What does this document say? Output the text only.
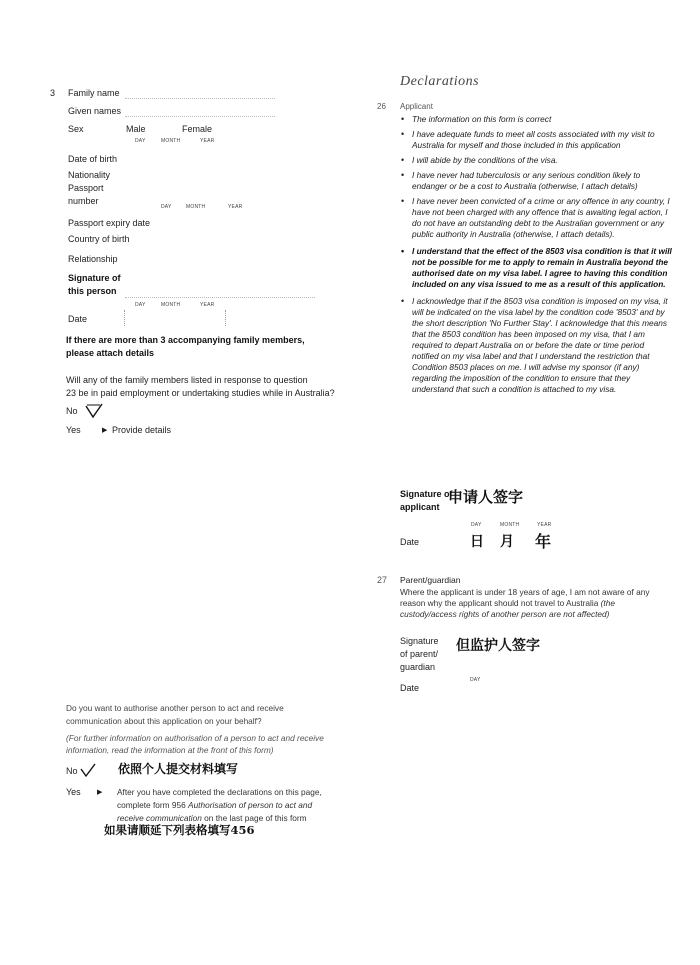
3 Family name
Given names
Sex	Male	Female
DAY	MONTH	YEAR
Date of birth
Nationality
Passport
number
DAY	MONTH	YEAR
Passport expiry date
Country of birth
Relationship
Signature of
this person
DAY	MONTH	YEAR
Date
If there are more than 3 accompanying family members,
please attach details
Will any of the family members listed in response to question
23 be in paid employment or undertaking studies while in Australia?
No
Yes	▶ Provide details
Declarations
26 Applicant
• The information on this form is correct
• I have adequate funds to meet all costs associated with my visit to Australia for myself and those included in this application
• I will abide by the conditions of the visa.
• I have never had tuberculosis or any serious condition likely to endanger or be a cost to Australia (otherwise, I attach details)
• I have never been convicted of a crime or any offence in any country, I have not been charged with any offence that is awaiting legal action, I do not have an outstanding debt to the Australian government or any public authority in Australia (otherwise, I attach details).
• I understand that the effect of the 8503 visa condition is that it will not be possible for me to apply to remain in Australia beyond the authorised date on my visa label. I agree to having this condition included on any visa issued to me as a result of this application.
• I acknowledge that if the 8503 visa condition is imposed on my visa, it will be indicated on the visa label by the condition code '8503' and by the short description 'No Further Stay'. I acknowledge that this means that the 8503 condition has been imposed on my visa, that I am required to depart Australia on or before the date or time period notified on my visa label and that I understand the restriction that Condition 8503 places on me. I will advise my sponsor (if any) regarding the imposition of the condition to ensure that they understand that such a condition is attached to my visa.
Signature of
applicant
申请人签字
DAY	MONTH	YEAR
Date	日 月 年
27 Parent/guardian
Where the applicant is under 18 years of age, I am not aware of any reason why the applicant should not travel to Australia (the custody/access rights of another person are not affected)
Signature
of parent/
guardian
但监护人签字
Date
DAY
Do you want to authorise another person to act and receive
communication about this application on your behalf?
(For further information on authorisation of a person to act and receive
information, read the information at the front of this form)
No	依照个人提交材料填写
Yes ▶ After you have completed the declarations on this page,
complete form 956 Authorisation of person to act and
receive communication on the last page of this form
如果请顺延下列表格填写456
